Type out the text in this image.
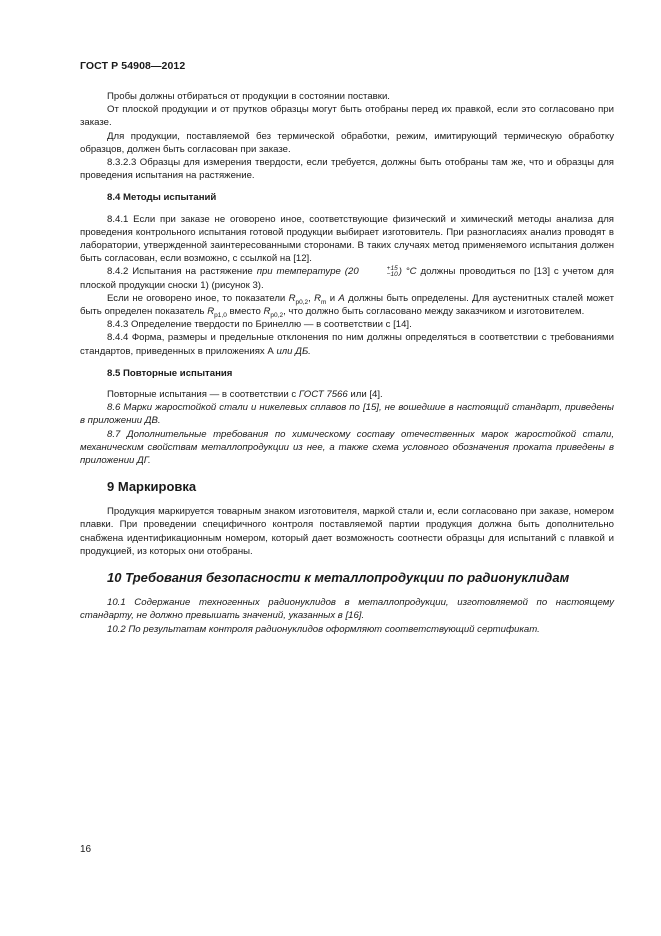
ГОСТ Р 54908—2012

Пробы должны отбираться от продукции в состоянии поставки.

От плоской продукции и от прутков образцы могут быть отобраны перед их правкой, если это согласовано при заказе.

Для продукции, поставляемой без термической обработки, режим, имитирующий термическую обработку образцов, должен быть согласован при заказе.

8.3.2.3 Образцы для измерения твердости, если требуется, должны быть отобраны там же, что и образцы для проведения испытания на растяжение.

8.4 Методы испытаний

8.4.1 Если при заказе не оговорено иное, соответствующие физический и химический методы анализа для проведения контрольного испытания готовой продукции выбирает изготовитель. При разногласиях анализ проводят в лаборатории, утвержденной заинтересованными сторонами. В таких случаях метод применяемого испытания должен быть согласован, если возможно, с ссылкой на [12].

8.4.2 Испытания на растяжение при температуре (20	+15
−10 ) °С должны проводиться по [13] с учетом для плоской продукции сноски 1) (рисунок 3).

Если не оговорено иное, то показатели $R_{p0,2}$, $R_m$ и A должны быть определены. Для аустенитных сталей может быть определен показатель $R_{p1,0}$ вместо $R_{p0,2}$, что должно быть согласовано между заказчиком и изготовителем.

8.4.3 Определение твердости по Бринеллю — в соответствии с [14].

8.4.4 Форма, размеры и предельные отклонения по ним должны определяться в соответствии с требованиями стандартов, приведенных в приложениях А или ДБ.

8.5 Повторные испытания

Повторные испытания — в соответствии с ГОСТ 7566 или [4].

8.6 Марки жаростойкой стали и никелевых сплавов по [15], не вошедшие в настоящий стандарт, приведены в приложении ДВ.

8.7 Дополнительные требования по химическому составу отечественных марок жаростойкой стали, механическим свойствам металлопродукции из нее, а также схема условного обозначения проката приведены в приложении ДГ.

9 Маркировка

Продукция маркируется товарным знаком изготовителя, маркой стали и, если согласовано при заказе, номером плавки. При проведении специфичного контроля поставляемой партии продукция должна быть дополнительно снабжена идентификационным номером, который дает возможность соотнести образцы для испытаний с плавкой и продукцией, из которых они отобраны.

10 Требования безопасности к металлопродукции по радионуклидам

10.1 Содержание техногенных радионуклидов в металлопродукции, изготовляемой по настоящему стандарту, не должно превышать значений, указанных в [16].

10.2 По результатам контроля радионуклидов оформляют соответствующий сертификат.

16
